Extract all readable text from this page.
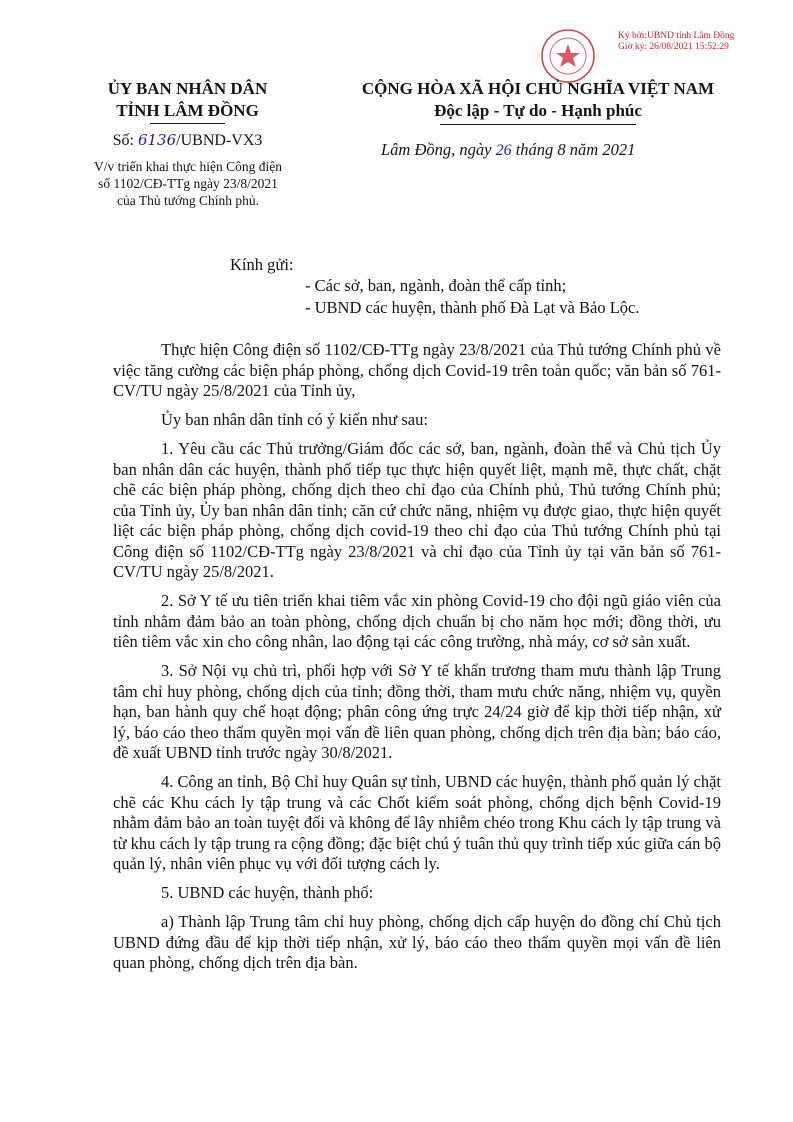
Ký bởi:UBND tỉnh Lâm Đồng
Giờ ký: 26/08/2021 15:52:29
ỦY BAN NHÂN DÂN
TỈNH LÂM ĐỒNG
CỘNG HÒA XÃ HỘI CHỦ NGHĨA VIỆT NAM
Độc lập - Tự do - Hạnh phúc
Số: 6136/UBND-VX3
V/v triển khai thực hiện Công điện
số 1102/CĐ-TTg ngày 23/8/2021
của Thủ tướng Chính phủ.
Lâm Đồng, ngày 26 tháng 8 năm 2021
Kính gửi:
- Các sở, ban, ngành, đoàn thể cấp tỉnh;
- UBND các huyện, thành phố Đà Lạt và Bảo Lộc.

Thực hiện Công điện số 1102/CĐ-TTg ngày 23/8/2021 của Thủ tướng Chính phủ về việc tăng cường các biện pháp phòng, chống dịch Covid-19 trên toàn quốc; văn bản số 761-CV/TU ngày 25/8/2021 của Tỉnh ủy,

Ủy ban nhân dân tỉnh có ý kiến như sau:

1. Yêu cầu các Thủ trưởng/Giám đốc các sở, ban, ngành, đoàn thể và Chủ tịch Ủy ban nhân dân các huyện, thành phố tiếp tục thực hiện quyết liệt, mạnh mẽ, thực chất, chặt chẽ các biện pháp phòng, chống dịch theo chỉ đạo của Chính phủ, Thủ tướng Chính phủ; của Tỉnh ủy, Ủy ban nhân dân tỉnh; căn cứ chức năng, nhiệm vụ được giao, thực hiện quyết liệt các biện pháp phòng, chống dịch covid-19 theo chỉ đạo của Thủ tướng Chính phủ tại Công điện số 1102/CĐ-TTg ngày 23/8/2021 và chỉ đạo của Tỉnh ủy tại văn bản số 761-CV/TU ngày 25/8/2021.

2. Sở Y tế ưu tiên triển khai tiêm vắc xin phòng Covid-19 cho đội ngũ giáo viên của tỉnh nhằm đảm bảo an toàn phòng, chống dịch chuẩn bị cho năm học mới; đồng thời, ưu tiên tiêm vắc xin cho công nhân, lao động tại các công trường, nhà máy, cơ sở sản xuất.

3. Sở Nội vụ chủ trì, phối hợp với Sở Y tế khẩn trương tham mưu thành lập Trung tâm chỉ huy phòng, chống dịch của tỉnh; đồng thời, tham mưu chức năng, nhiệm vụ, quyền hạn, ban hành quy chế hoạt động; phân công ứng trực 24/24 giờ để kịp thời tiếp nhận, xử lý, báo cáo theo thẩm quyền mọi vấn đề liên quan phòng, chống dịch trên địa bàn; báo cáo, đề xuất UBND tỉnh trước ngày 30/8/2021.

4. Công an tỉnh, Bộ Chỉ huy Quân sự tỉnh, UBND các huyện, thành phố quản lý chặt chẽ các Khu cách ly tập trung và các Chốt kiểm soát phòng, chống dịch bệnh Covid-19 nhằm đảm bảo an toàn tuyệt đối và không để lây nhiễm chéo trong Khu cách ly tập trung và từ khu cách ly tập trung ra cộng đồng; đặc biệt chú ý tuân thủ quy trình tiếp xúc giữa cán bộ quản lý, nhân viên phục vụ với đối tượng cách ly.

5. UBND các huyện, thành phố:

a) Thành lập Trung tâm chỉ huy phòng, chống dịch cấp huyện do đồng chí Chủ tịch UBND đứng đầu để kịp thời tiếp nhận, xử lý, báo cáo theo thẩm quyền mọi vấn đề liên quan phòng, chống dịch trên địa bàn.
